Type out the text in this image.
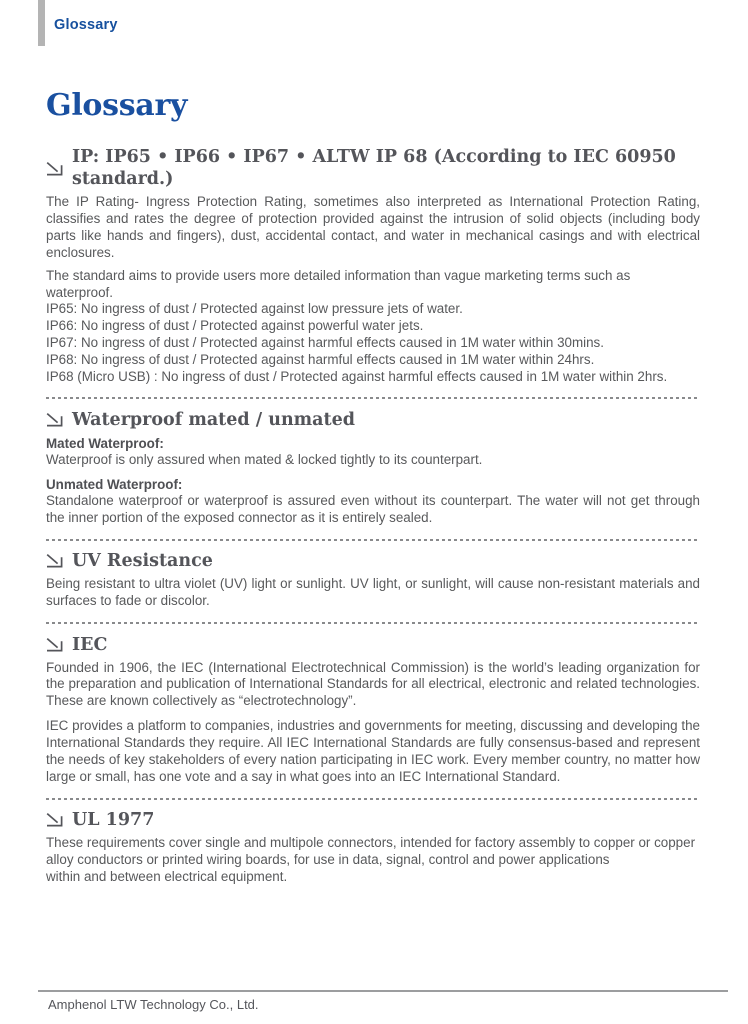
Glossary
Glossary
IP: IP65 • IP66 • IP67 • ALTW IP 68 (According to IEC 60950 standard.)

The IP Rating- Ingress Protection Rating, sometimes also interpreted as International Protection Rating, classifies and rates the degree of protection provided against the intrusion of solid objects (including body parts like hands and fingers), dust, accidental contact, and water in mechanical casings and with electrical enclosures.

The standard aims to provide users more detailed information than vague marketing terms such as waterproof.
IP65: No ingress of dust / Protected against low pressure jets of water.
IP66: No ingress of dust / Protected against powerful water jets.
IP67: No ingress of dust / Protected against harmful effects caused in 1M water within 30mins.
IP68: No ingress of dust / Protected against harmful effects caused in 1M water within 24hrs.
IP68 (Micro USB) : No ingress of dust / Protected against harmful effects caused in 1M water within 2hrs.
Waterproof mated / unmated
Mated Waterproof:
Waterproof is only assured when mated & locked tightly to its counterpart.
Unmated Waterproof:
Standalone waterproof or waterproof is assured even without its counterpart. The water will not get through the inner portion of the exposed connector as it is entirely sealed.
UV Resistance

Being resistant to ultra violet (UV) light or sunlight. UV light, or sunlight, will cause non-resistant materials and surfaces to fade or discolor.

IEC

Founded in 1906, the IEC (International Electrotechnical Commission) is the world’s leading organization for the preparation and publication of International Standards for all electrical, electronic and related technologies. These are known collectively as “electrotechnology”.

IEC provides a platform to companies, industries and governments for meeting, discussing and developing the International Standards they require. All IEC International Standards are fully consensus-based and represent the needs of key stakeholders of every nation participating in IEC work. Every member country, no matter how large or small, has one vote and a say in what goes into an IEC International Standard.

UL 1977

These requirements cover single and multipole connectors, intended for factory assembly to copper or copper alloy conductors or printed wiring boards, for use in data, signal, control and power applications

within and between electrical equipment.

Amphenol LTW Technology Co., Ltd.
